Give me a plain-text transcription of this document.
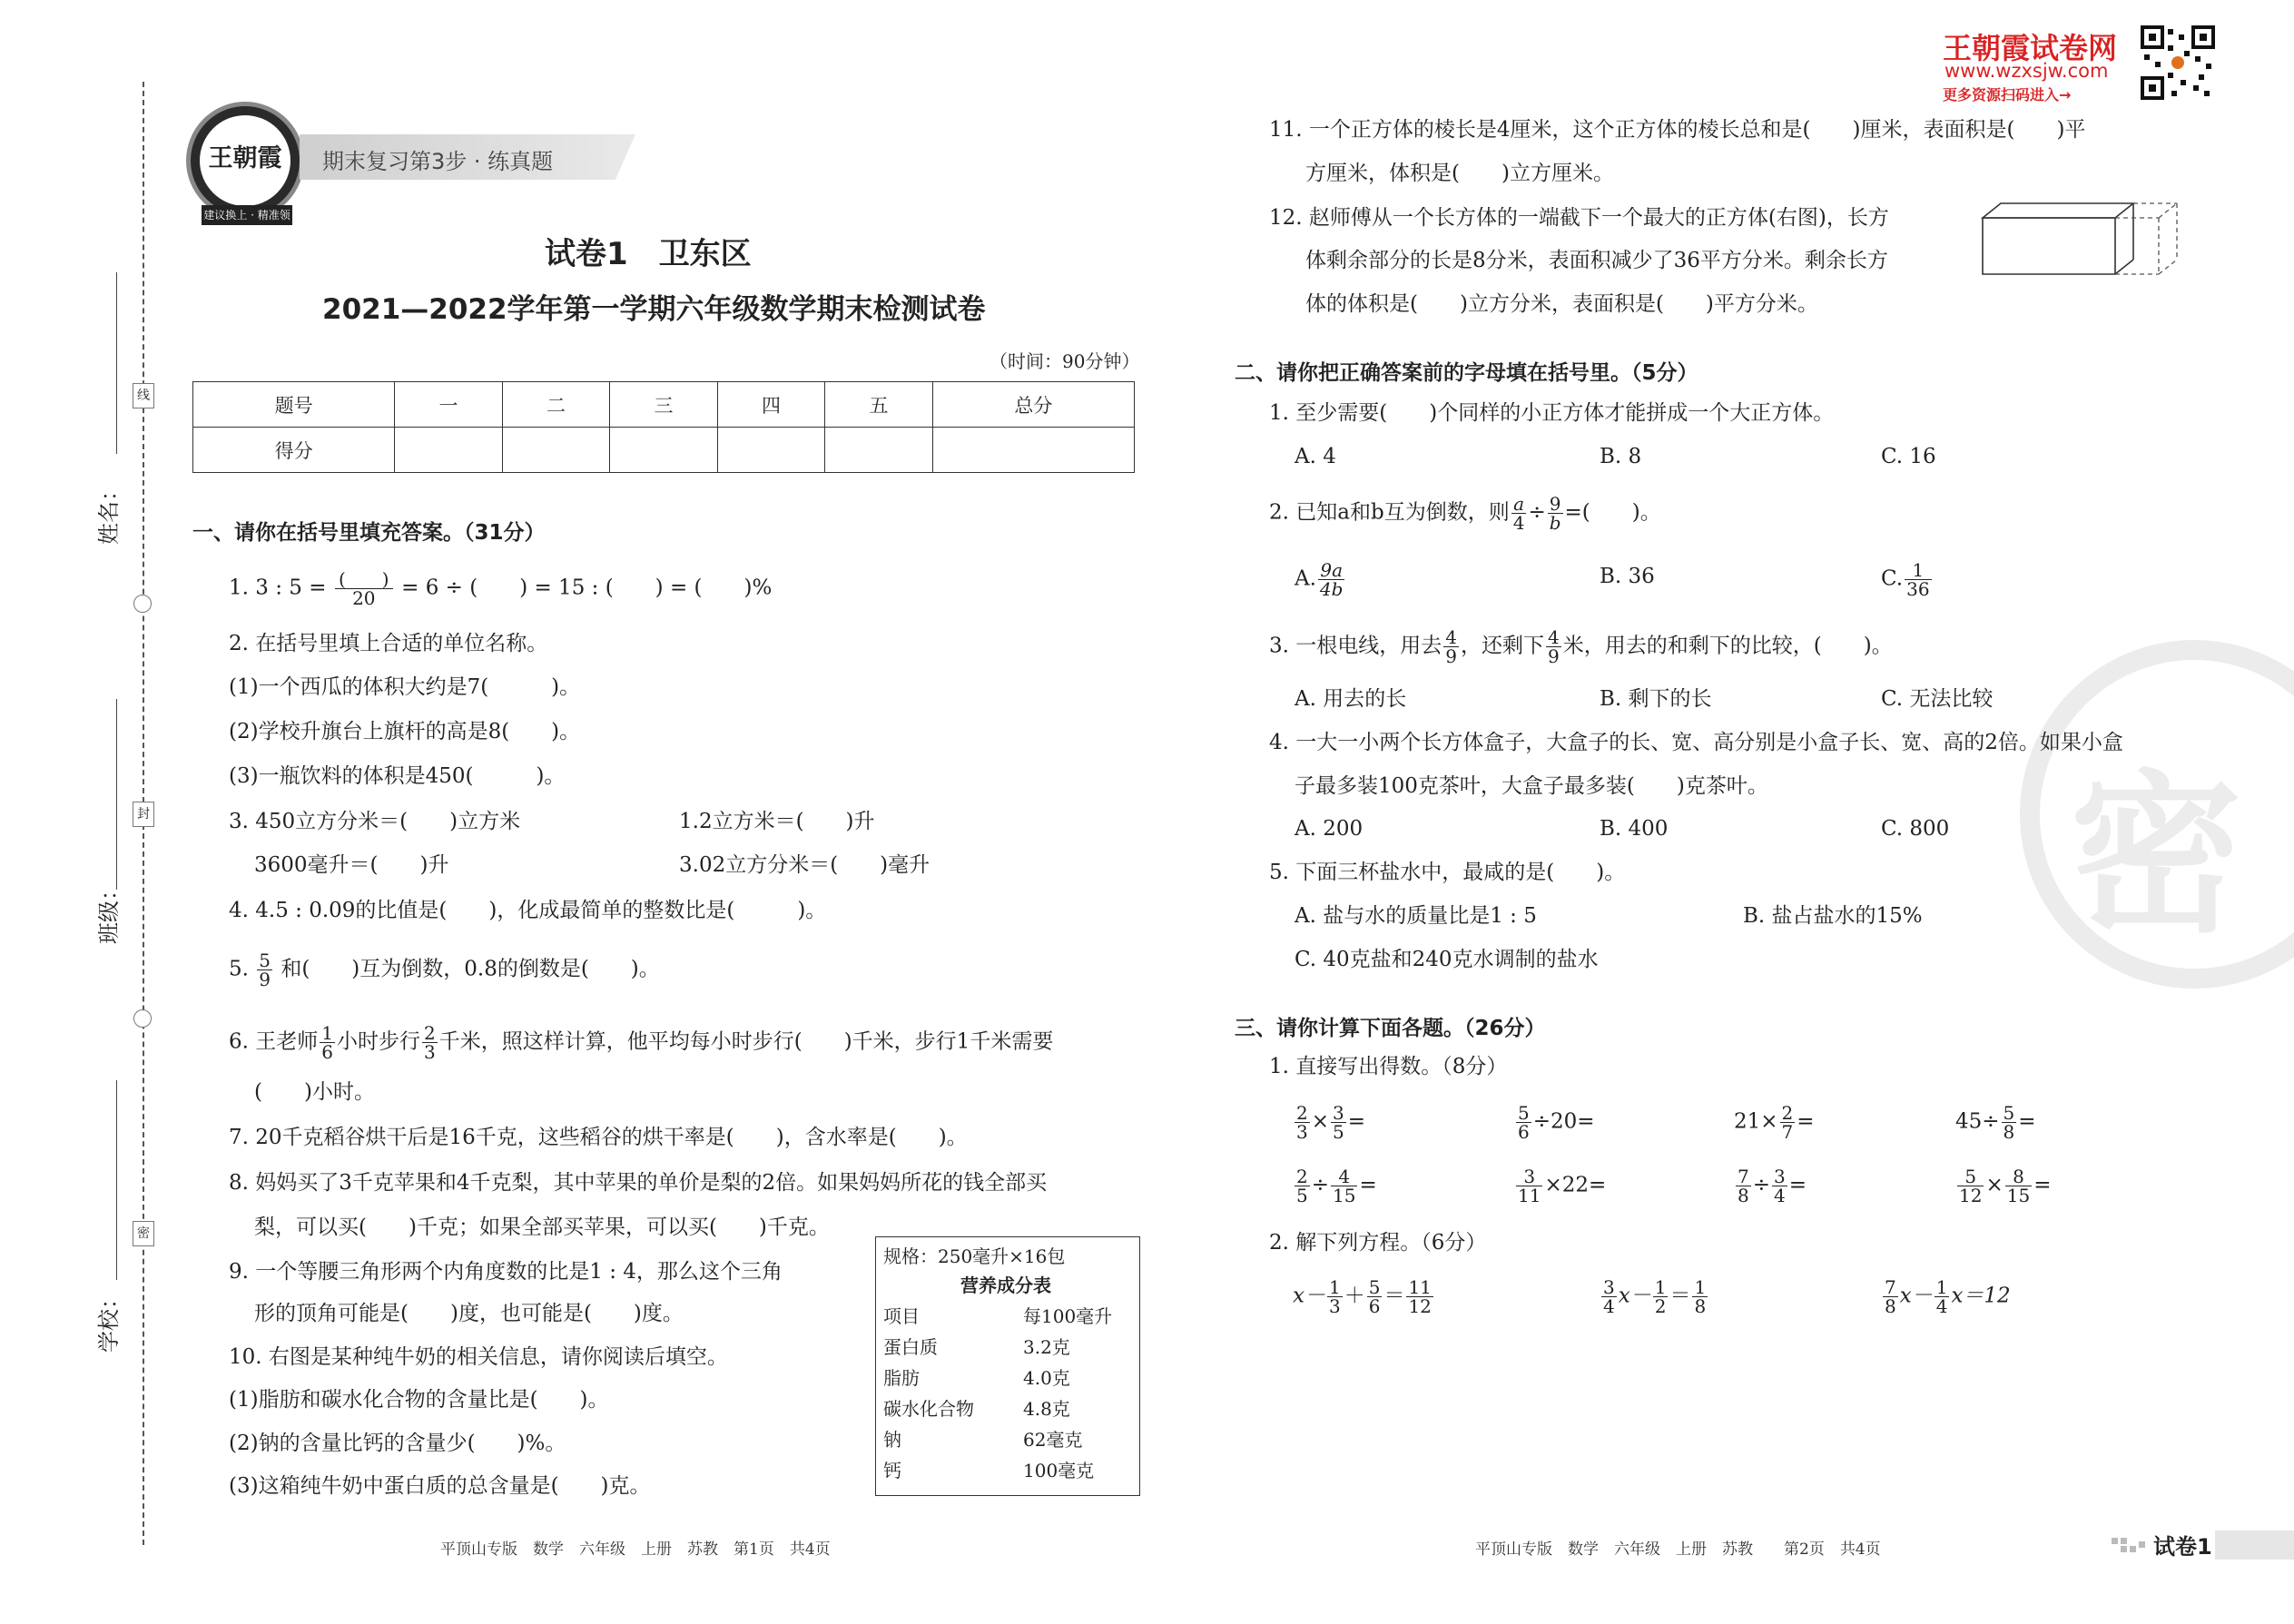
姓名：
班级：
学校：
线
封
密
王朝霞
建议换上 · 精准领跑
期末复习第3步 · 练真题
试卷1　卫东区
2021—2022学年第一学期六年级数学期末检测试卷
（时间：90分钟）
题号	一	二	三	四	五	总分
得分						
一、请你在括号里填充答案。（31分）
1. 3 : $5 = \frac{( )}{20} = 6$ ÷ (　　) = 15 : (　　) = (　　)%
2. 在括号里填上合适的单位名称。
(1)一个西瓜的体积大约是7(　　　)。
(2)学校升旗台上旗杆的高是8(　　)。
(3)一瓶饮料的体积是450(　　　)。
3. 450立方分米＝(　　)立方米	1.2立方米＝(　　)升
3600毫升＝(　　)升	3.02立方分米＝(　　)毫升
4. 4.5 : 0.09的比值是(　　)，化成最简单的整数比是(　　　)。
5. $\frac{5}{9}$ 和(　　)互为倒数，0.8的倒数是(　　)。
6. 王老师 $\frac{1}{6}$ 小时步行 $\frac{2}{3}$ 千米，照这样计算，他平均每小时步行(　　)千米，步行1千米需要
(　　)小时。
7. 20千克稻谷烘干后是16千克，这些稻谷的烘干率是(　　)，含水率是(　　)。
8. 妈妈买了3千克苹果和4千克梨，其中苹果的单价是梨的2倍。如果妈妈所花的钱全部买
梨，可以买(　　)千克；如果全部买苹果，可以买(　　)千克。
9. 一个等腰三角形两个内角度数的比是1 : 4，那么这个三角
形的顶角可能是(　　)度，也可能是(　　)度。
10. 右图是某种纯牛奶的相关信息，请你阅读后填空。
(1)脂肪和碳水化合物的含量比是(　　)。
(2)钠的含量比钙的含量少(　　)%。
(3)这箱纯牛奶中蛋白质的总含量是(　　)克。
规格：250毫升×16包
营养成分表
项目	每100毫升
蛋白质	3.2克
脂肪	4.0克
碳水化合物	4.8克
钠	62毫克
钙	100毫克
王朝霞试卷网
www.wzxsjw.com
更多资源扫码进入→
密
11. 一个正方体的棱长是4厘米，这个正方体的棱长总和是(　　)厘米，表面积是(　　)平
方厘米，体积是(　　)立方厘米。
12. 赵师傅从一个长方体的一端截下一个最大的正方体(右图)，长方
体剩余部分的长是8分米，表面积减少了36平方分米。剩余长方
体的体积是(　　)立方分米，表面积是(　　)平方分米。
二、请你把正确答案前的字母填在括号里。（5分）
1. 至少需要(　　)个同样的小正方体才能拼成一个大正方体。
A. 4	B. 8	C. 16
2. 已知a和b互为倒数，则 $\frac{a}{4} \div \frac{9}{b}$ =(　　)。
A. $\frac{9a}{4b}$	B. 36	C. $\frac{1}{36}$
3. 一根电线，用去 $\frac{4}{9}$ ，还剩下 $\frac{4}{9}$ 米，用去的和剩下的比较，(　　)。
A. 用去的长	B. 剩下的长	C. 无法比较
4. 一大一小两个长方体盒子，大盒子的长、宽、高分别是小盒子长、宽、高的2倍。如果小盒
子最多装100克茶叶，大盒子最多装(　　)克茶叶。
A. 200	B. 400	C. 800
5. 下面三杯盐水中，最咸的是(　　)。
A. 盐与水的质量比是1 : 5	B. 盐占盐水的15%
C. 40克盐和240克水调制的盐水
三、请你计算下面各题。（26分）
1. 直接写出得数。（8分）
$\frac{2}{3} \times \frac{3}{5}$ =	$\frac{5}{6} \div 20=$	$21\times \frac{2}{7}$ =	$45\div \frac{5}{8}$ =
$\frac{2}{5} \div \frac{4}{15}$ =	$\frac{3}{11} \times 22=$	$\frac{7}{8} \div \frac{3}{4}$ =	$\frac{5}{12} \times \frac{8}{15}$ =
2. 解下列方程。（6分）
$x- \frac{1}{3} + \frac{5}{6} = \frac{11}{12}$	$\frac{3}{4} x- \frac{1}{2} = \frac{1}{8}$	$\frac{7}{8} x- \frac{1}{4} x=12$
平顶山专版　数学　六年级　上册　苏教　第1页　共4页	平顶山专版　数学　六年级　上册　苏教　　第2页　共4页	试卷1
